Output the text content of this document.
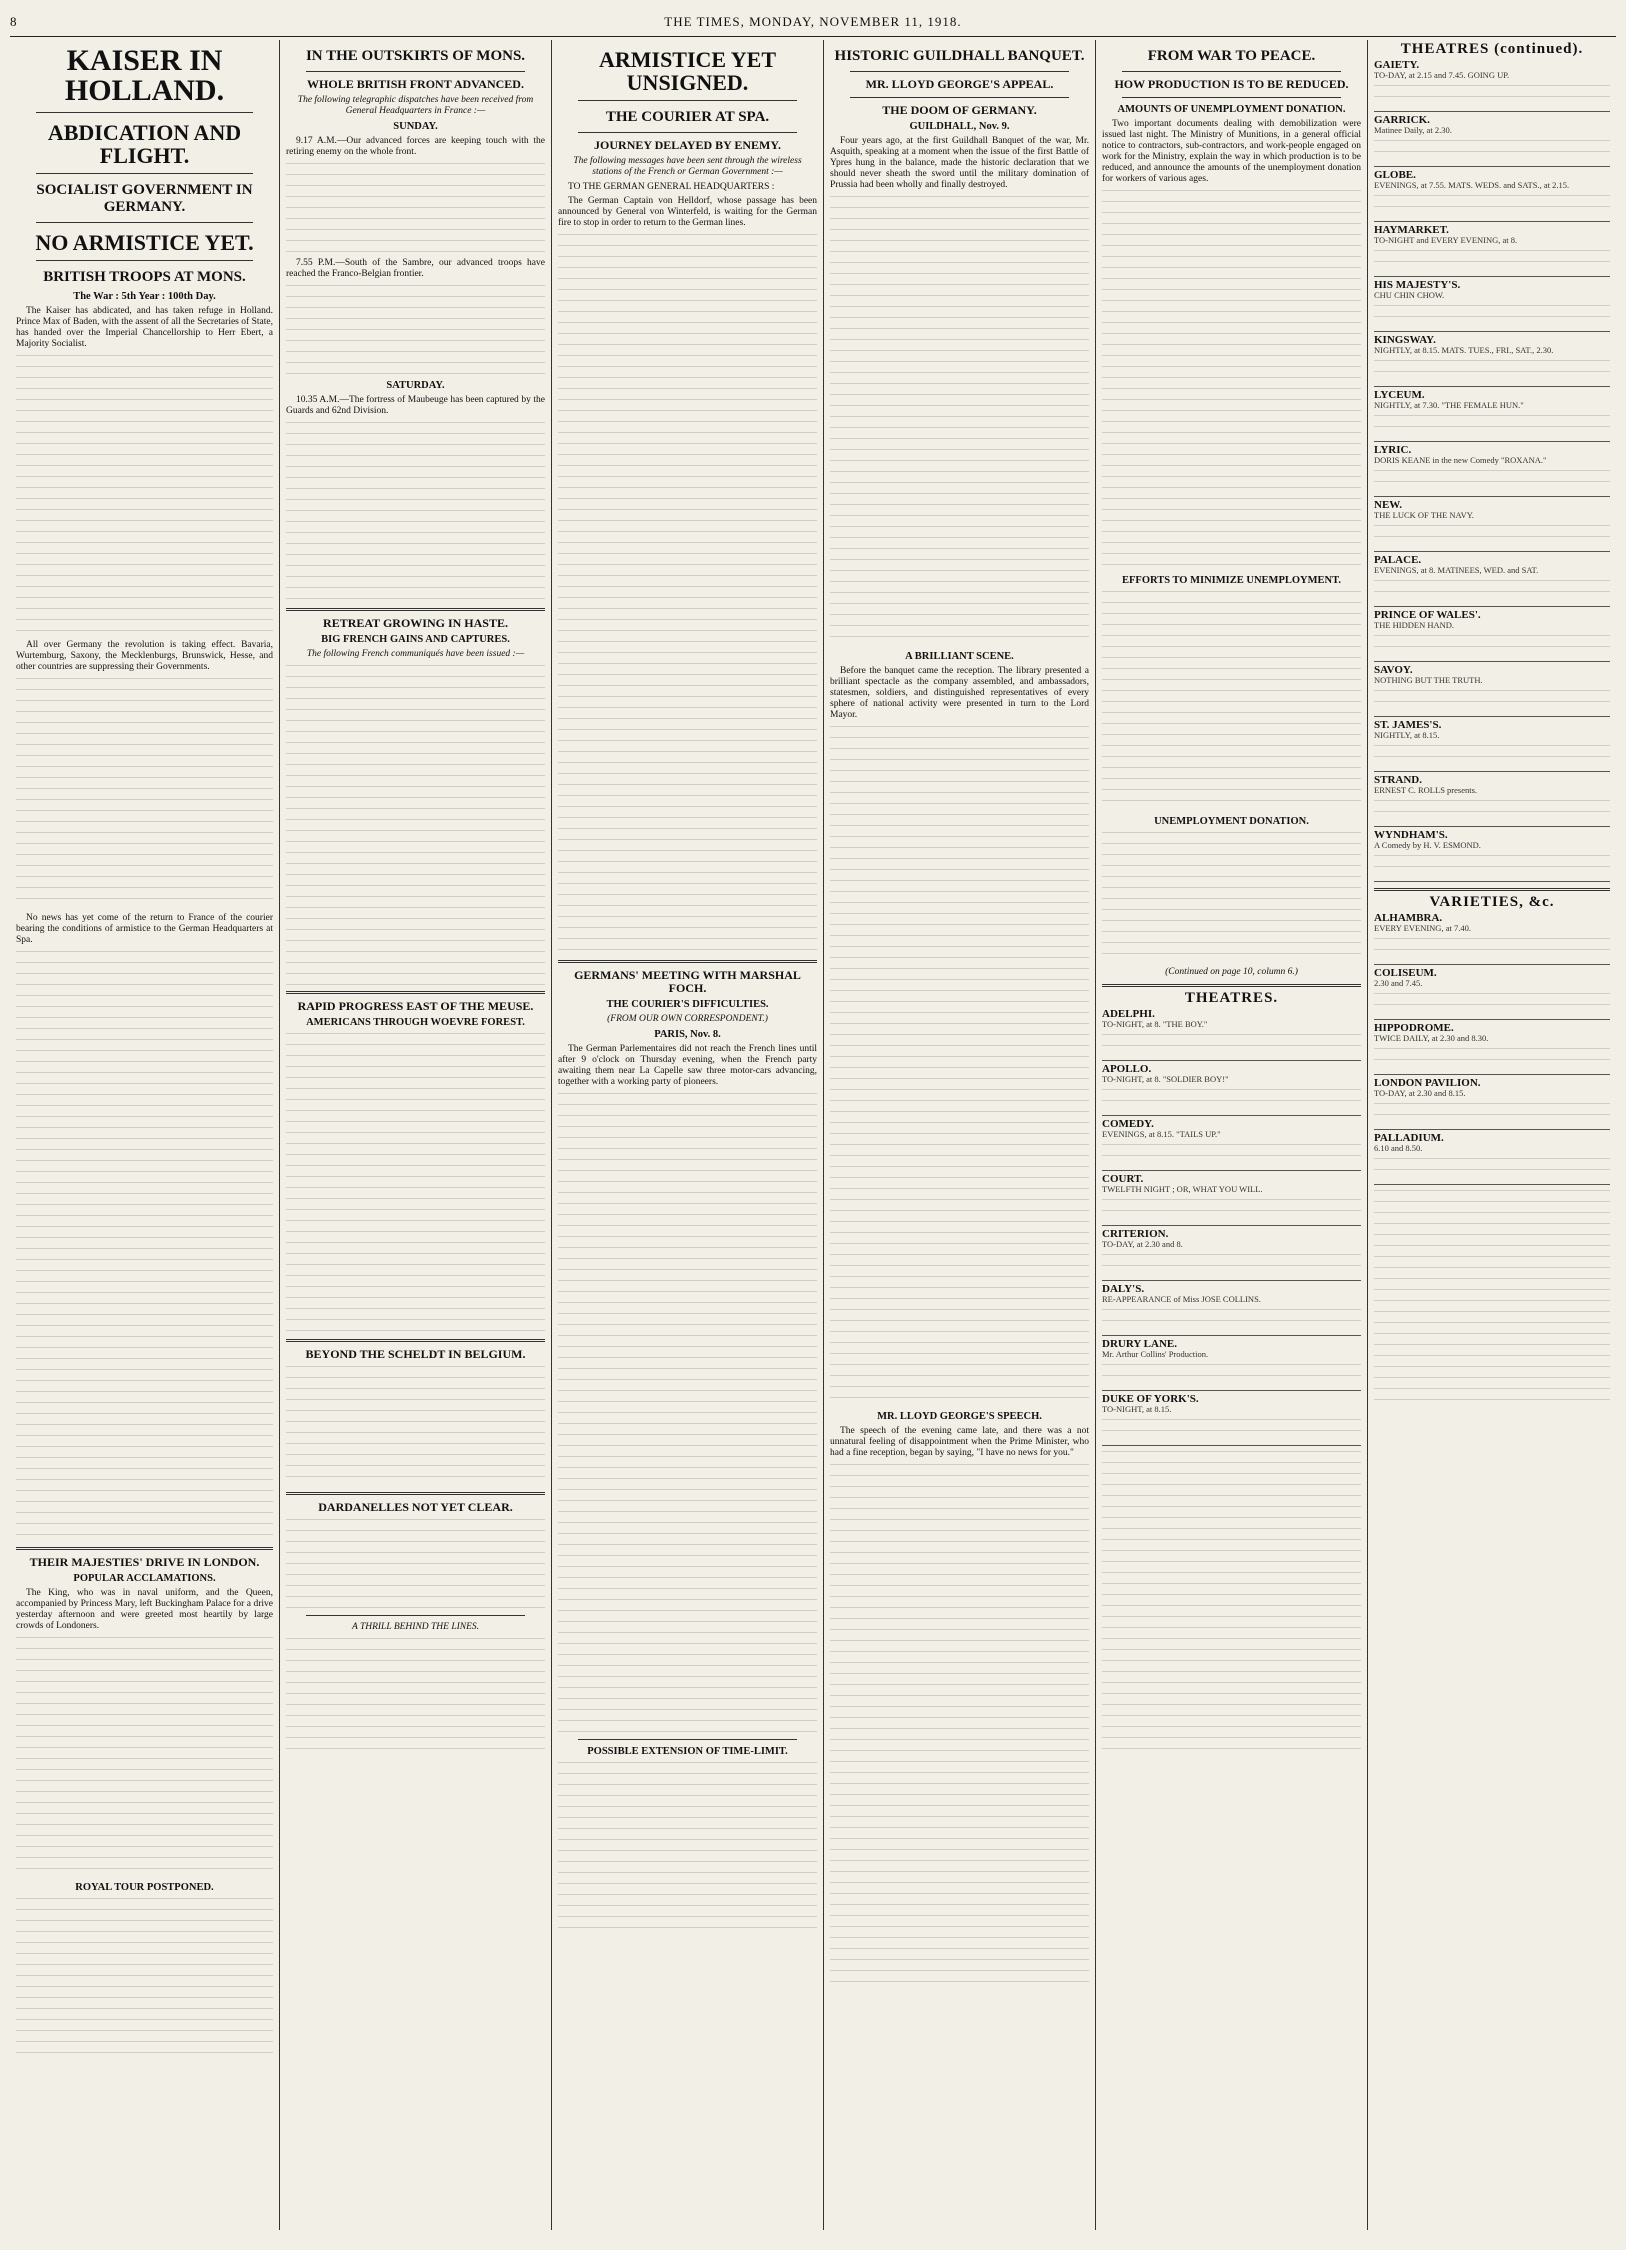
8	THE TIMES, MONDAY, NOVEMBER 11, 1918.
KAISER IN HOLLAND.
ABDICATION AND FLIGHT.
SOCIALIST GOVERNMENT IN GERMANY.
NO ARMISTICE YET.
BRITISH TROOPS AT MONS.
The War : 5th Year : 100th Day.

The Kaiser has abdicated, and has taken refuge in Holland. Prince Max of Baden, with the assent of all the Secretaries of State, has handed over the Imperial Chancellorship to Herr Ebert, a Majority Socialist.

All over Germany the revolution is taking effect. Bavaria, Wurtemburg, Saxony, the Mecklenburgs, Brunswick, Hesse, and other countries are suppressing their Governments.

No news has yet come of the return to France of the courier bearing the conditions of armistice to the German Headquarters at Spa.

THEIR MAJESTIES' DRIVE IN LONDON.
POPULAR ACCLAMATIONS.

The King, who was in naval uniform, and the Queen, accompanied by Princess Mary, left Buckingham Palace for a drive yesterday afternoon and were greeted most heartily by large crowds of Londoners.

ROYAL TOUR POSTPONED.
IN THE OUTSKIRTS OF MONS.
WHOLE BRITISH FRONT ADVANCED.
The following telegraphic dispatches have been received from General Headquarters in France :—
SUNDAY.

9.17 A.M.—Our advanced forces are keeping touch with the retiring enemy on the whole front.

7.55 P.M.—South of the Sambre, our advanced troops have reached the Franco-Belgian frontier.

SATURDAY.

10.35 A.M.—The fortress of Maubeuge has been captured by the Guards and 62nd Division.

RETREAT GROWING IN HASTE.
BIG FRENCH GAINS AND CAPTURES.
The following French communiqués have been issued :—
RAPID PROGRESS EAST OF THE MEUSE.
AMERICANS THROUGH WOEVRE FOREST.
BEYOND THE SCHELDT IN BELGIUM.
DARDANELLES NOT YET CLEAR.
A THRILL BEHIND THE LINES.
ARMISTICE YET UNSIGNED.
THE COURIER AT SPA.
JOURNEY DELAYED BY ENEMY.
The following messages have been sent through the wireless stations of the French or German Government :—

TO THE GERMAN GENERAL HEADQUARTERS :

The German Captain von Helldorf, whose passage has been announced by General von Winterfeld, is waiting for the German fire to stop in order to return to the German lines.

GERMANS' MEETING WITH MARSHAL FOCH.
THE COURIER'S DIFFICULTIES.
(FROM OUR OWN CORRESPONDENT.)
PARIS, Nov. 8.

The German Parlementaires did not reach the French lines until after 9 o'clock on Thursday evening, when the French party awaiting them near La Capelle saw three motor-cars advancing, together with a working party of pioneers.

POSSIBLE EXTENSION OF TIME-LIMIT.
HISTORIC GUILDHALL BANQUET.
MR. LLOYD GEORGE'S APPEAL.
THE DOOM OF GERMANY.
GUILDHALL, Nov. 9.

Four years ago, at the first Guildhall Banquet of the war, Mr. Asquith, speaking at a moment when the issue of the first Battle of Ypres hung in the balance, made the historic declaration that we should never sheath the sword until the military domination of Prussia had been wholly and finally destroyed.

A BRILLIANT SCENE.

Before the banquet came the reception. The library presented a brilliant spectacle as the company assembled, and ambassadors, statesmen, soldiers, and distinguished representatives of every sphere of national activity were presented in turn to the Lord Mayor.

MR. LLOYD GEORGE'S SPEECH.

The speech of the evening came late, and there was a not unnatural feeling of disappointment when the Prime Minister, who had a fine reception, began by saying, "I have no news for you."

FROM WAR TO PEACE.
HOW PRODUCTION IS TO BE REDUCED.
AMOUNTS OF UNEMPLOYMENT DONATION.

Two important documents dealing with demobilization were issued last night. The Ministry of Munitions, in a general official notice to contractors, sub-contractors, and work-people engaged on work for the Ministry, explain the way in which production is to be reduced, and announce the amounts of the unemployment donation for workers of various ages.

EFFORTS TO MINIMIZE UNEMPLOYMENT.
UNEMPLOYMENT DONATION.
(Continued on page 10, column 6.)
THEATRES.
ADELPHI.
TO-NIGHT, at 8. "THE BOY."
APOLLO.
TO-NIGHT, at 8. "SOLDIER BOY!"
COMEDY.
EVENINGS, at 8.15. "TAILS UP."
COURT.
TWELFTH NIGHT ; OR, WHAT YOU WILL.
CRITERION.
TO-DAY, at 2.30 and 8.
DALY'S.
RE-APPEARANCE of Miss JOSE COLLINS.
DRURY LANE.
Mr. Arthur Collins' Production.
DUKE OF YORK'S.
TO-NIGHT, at 8.15.
THEATRES (continued).
GAIETY.
TO-DAY, at 2.15 and 7.45. GOING UP.
GARRICK.
Matinee Daily, at 2.30.
GLOBE.
EVENINGS, at 7.55. MATS. WEDS. and SATS., at 2.15.
HAYMARKET.
TO-NIGHT and EVERY EVENING, at 8.
HIS MAJESTY'S.
CHU CHIN CHOW.
KINGSWAY.
NIGHTLY, at 8.15. MATS. TUES., FRI., SAT., 2.30.
LYCEUM.
NIGHTLY, at 7.30. "THE FEMALE HUN."
LYRIC.
DORIS KEANE in the new Comedy "ROXANA."
NEW.
THE LUCK OF THE NAVY.
PALACE.
EVENINGS, at 8. MATINEES, WED. and SAT.
PRINCE OF WALES'.
THE HIDDEN HAND.
SAVOY.
NOTHING BUT THE TRUTH.
ST. JAMES'S.
NIGHTLY, at 8.15.
STRAND.
ERNEST C. ROLLS presents.
WYNDHAM'S.
A Comedy by H. V. ESMOND.
VARIETIES, &c.
ALHAMBRA.
EVERY EVENING, at 7.40.
COLISEUM.
2.30 and 7.45.
HIPPODROME.
TWICE DAILY, at 2.30 and 8.30.
LONDON PAVILION.
TO-DAY, at 2.30 and 8.15.
PALLADIUM.
6.10 and 8.50.
